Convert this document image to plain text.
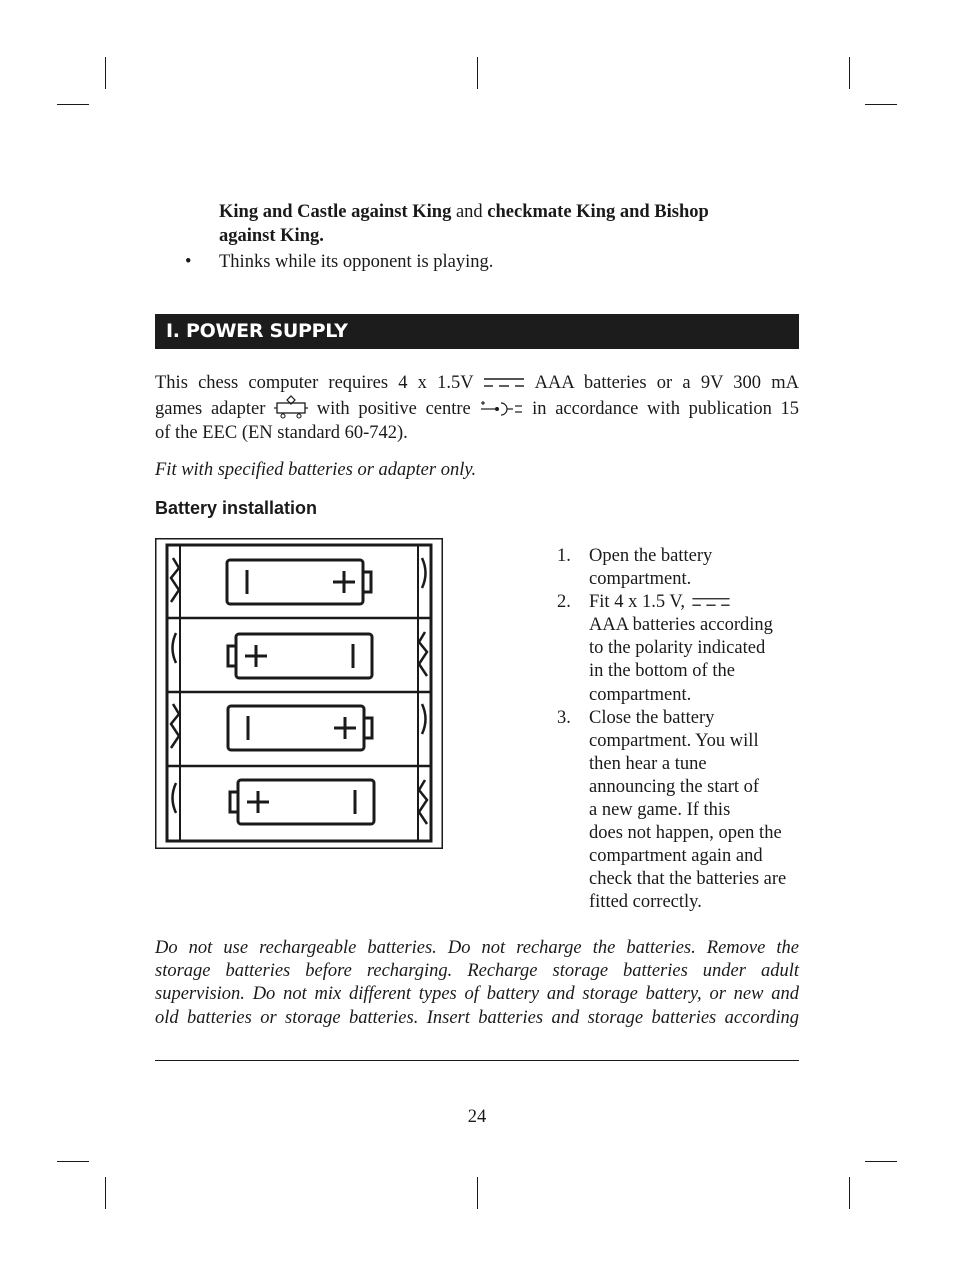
King and Castle against King and checkmate King and Bishop
against King.
• Thinks while its opponent is playing.
I. POWER SUPPLY
This chess computer requires 4 x 1.5V	AAA batteries or a 9V 300 mA
games adapter	with positive centre	in accordance with publication 15
of the EEC (EN standard 60-742).
Fit with specified batteries or adapter only.
Battery installation
1. Open the battery
compartment.
2. Fit 4 x 1.5 V,
AAA batteries according
to the polarity indicated
in the bottom of the
compartment.
3. Close the battery
compartment. You will
then hear a tune
announcing the start of
a new game. If this
does not happen, open the
compartment again and
check that the batteries are
fitted correctly.
Do not use rechargeable batteries. Do not recharge the batteries. Remove the
storage batteries before recharging. Recharge storage batteries under adult
supervision. Do not mix different types of battery and storage battery, or new and
old batteries or storage batteries. Insert batteries and storage batteries according
24
